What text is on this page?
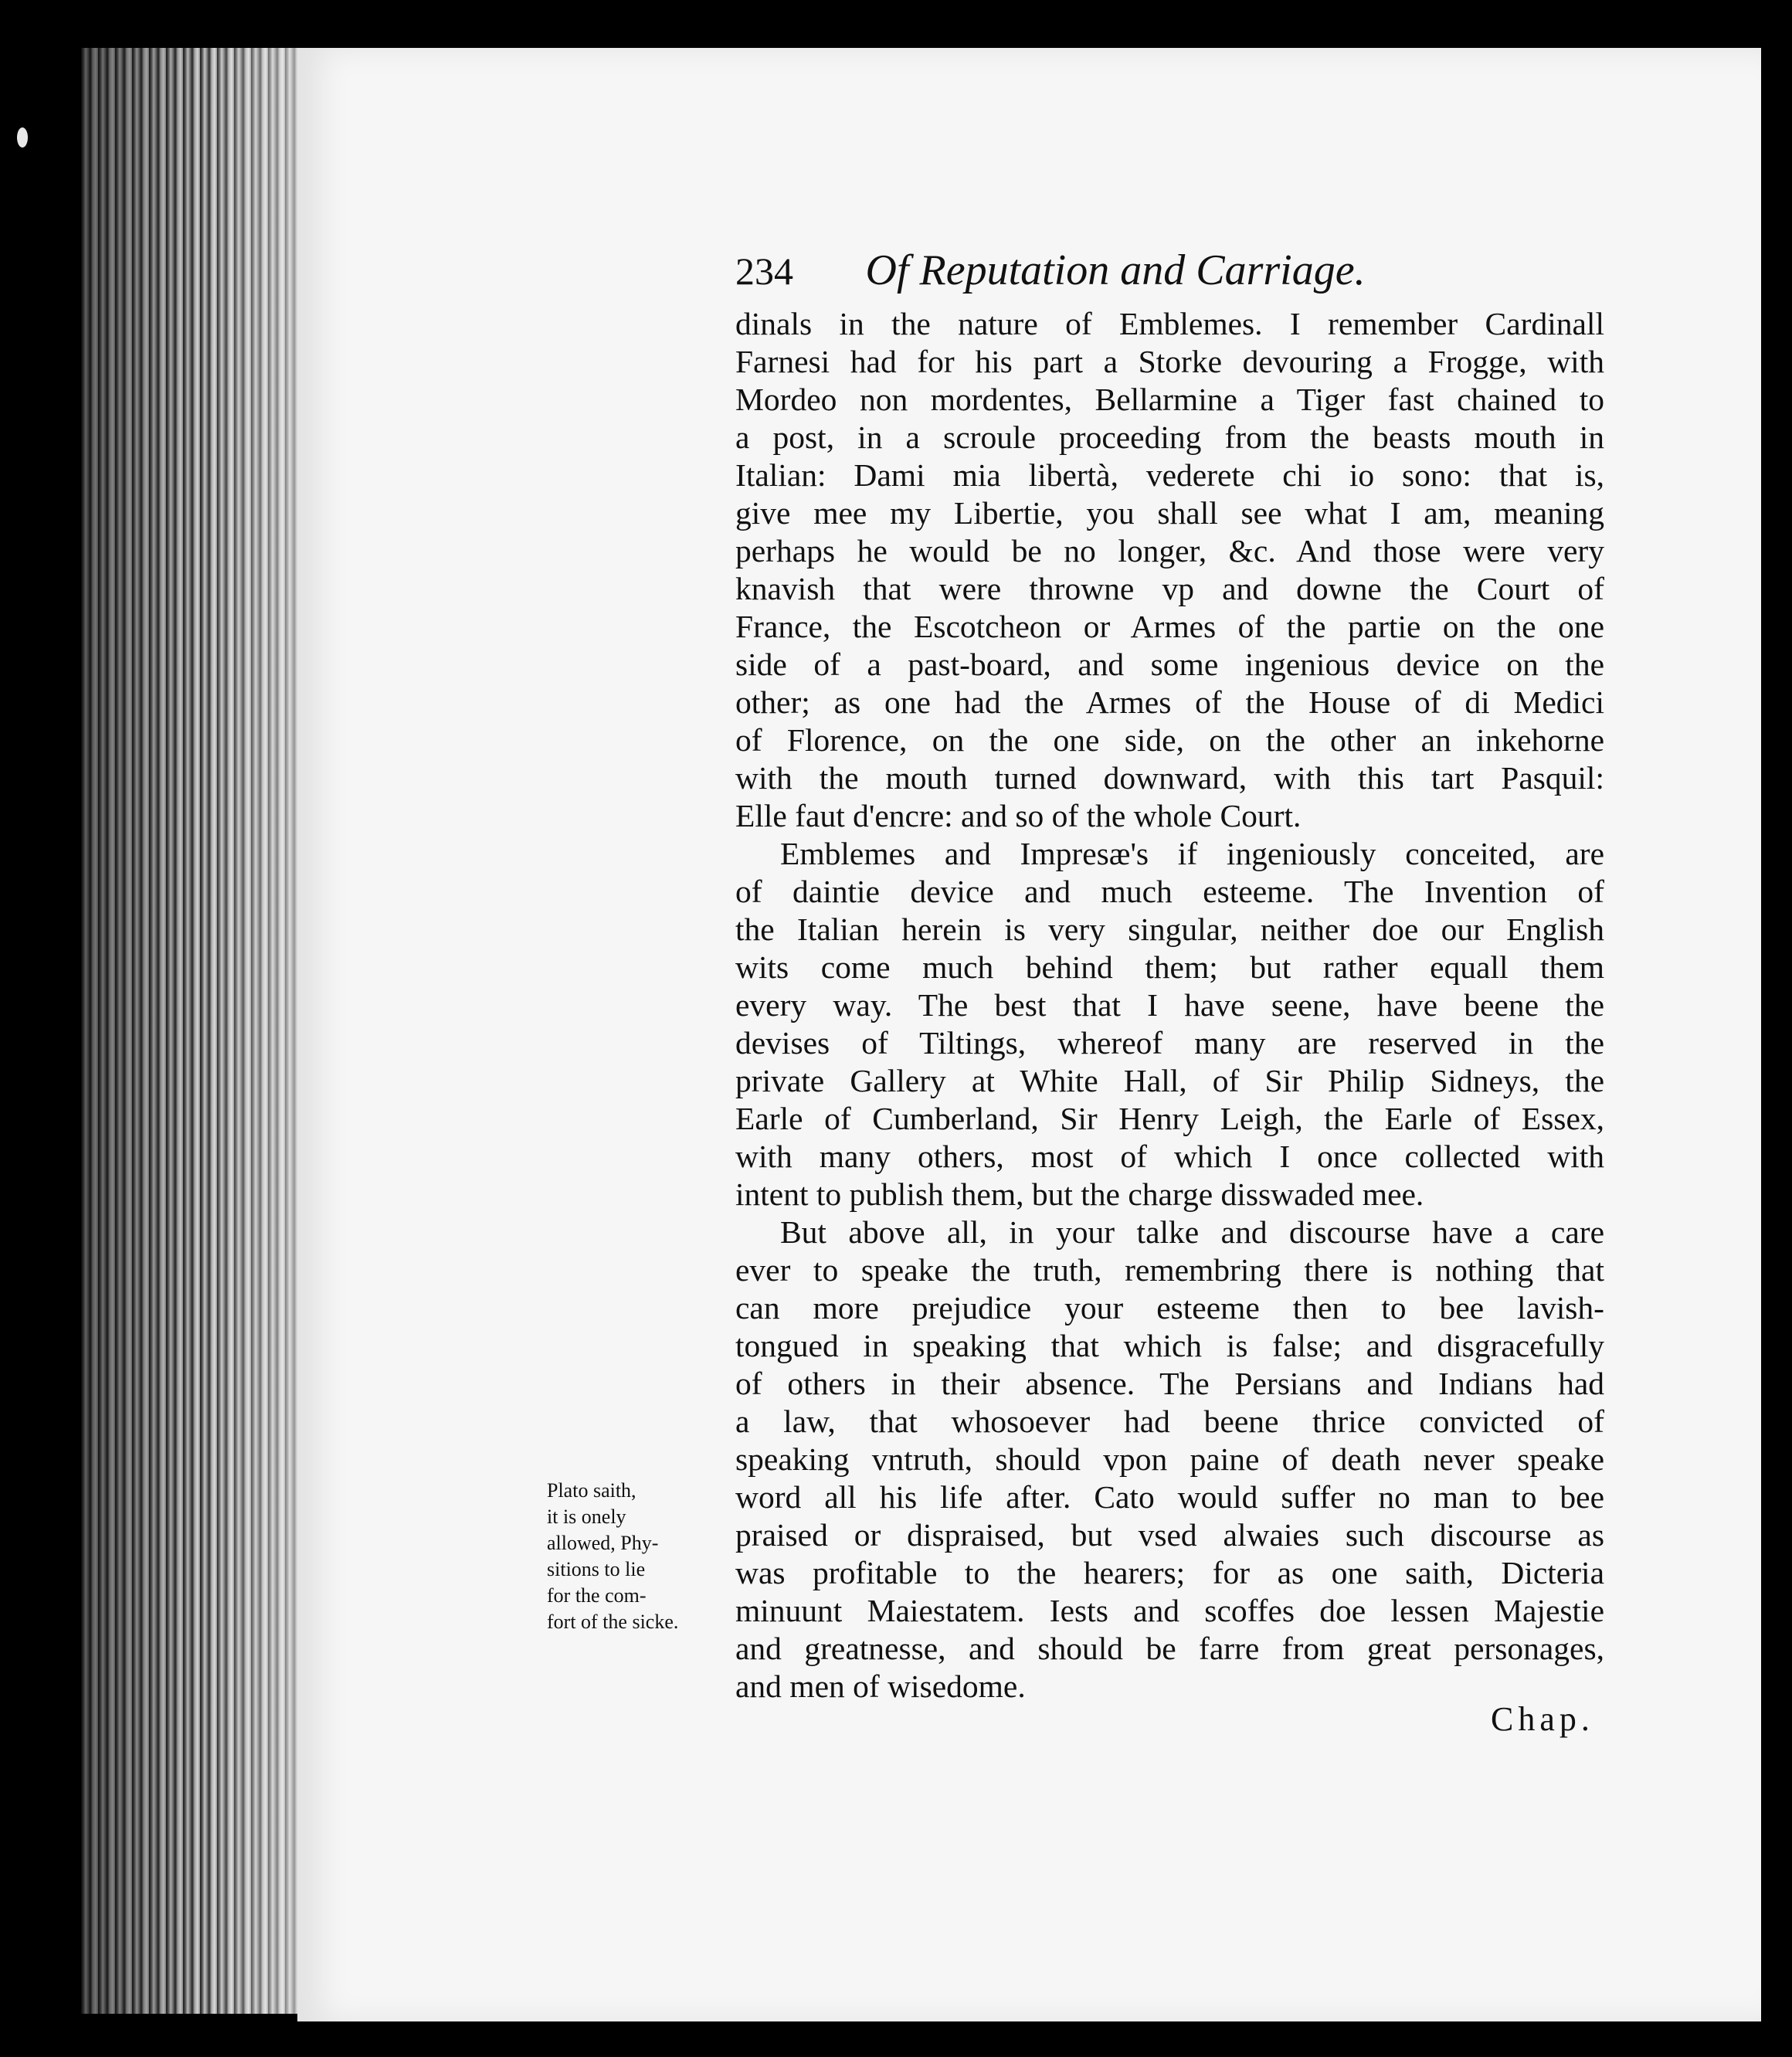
234 Of Reputation and Carriage.
dinals in the nature of Emblemes. I remember Cardinall
Farnesi had for his part a Storke devouring a Frogge, with
Mordeo non mordentes, Bellarmine a Tiger fast chained to
a post, in a scroule proceeding from the beasts mouth in
Italian: Dami mia libertà, vederete chi io sono: that is,
give mee my Libertie, you shall see what I am, meaning
perhaps he would be no longer, &c. And those were very
knavish that were throwne vp and downe the Court of
France, the Escotcheon or Armes of the partie on the one
side of a past-board, and some ingenious device on the
other; as one had the Armes of the House of di Medici
of Florence, on the one side, on the other an inkehorne
with the mouth turned downward, with this tart Pasquil:
Elle faut d'encre: and so of the whole Court.
Emblemes and Impresæ's if ingeniously conceited, are
of daintie device and much esteeme. The Invention of
the Italian herein is very singular, neither doe our English
wits come much behind them; but rather equall them
every way. The best that I have seene, have beene the
devises of Tiltings, whereof many are reserved in the
private Gallery at White Hall, of Sir Philip Sidneys, the
Earle of Cumberland, Sir Henry Leigh, the Earle of Essex,
with many others, most of which I once collected with
intent to publish them, but the charge disswaded mee.
But above all, in your talke and discourse have a care
ever to speake the truth, remembring there is nothing that
can more prejudice your esteeme then to bee lavish-
tongued in speaking that which is false; and disgracefully
of others in their absence. The Persians and Indians had
a law, that whosoever had beene thrice convicted of
speaking vntruth, should vpon paine of death never speake
word all his life after. Cato would suffer no man to bee
praised or dispraised, but vsed alwaies such discourse as
was profitable to the hearers; for as one saith, Dicteria
minuunt Maiestatem. Iests and scoffes doe lessen Majestie
and greatnesse, and should be farre from great personages,
and men of wisedome.
Plato saith,
it is onely
allowed, Phy-
sitions to lie
for the com-
fort of the sicke.
Chap.
